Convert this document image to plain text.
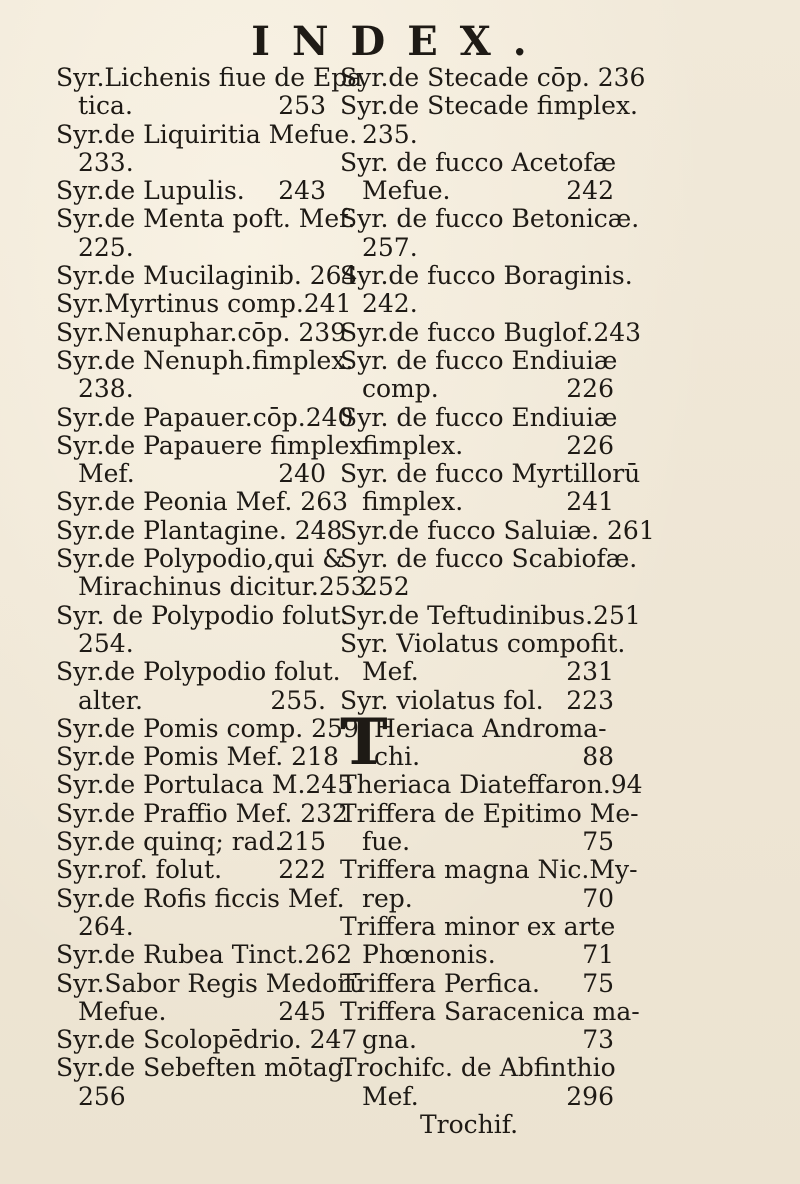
INDEX.
Syr.Lichenis fiue de Epa
tica.	253
Syr.de Liquiritia Mefue.
233.
Syr.de Lupulis. 243
Syr.de Menta poft. Mef.
225.
Syr.de Mucilaginib. 264
Syr.Myrtinus comp.241
Syr.Nenuphar.cōp. 239
Syr.de Nenuph.fimplex.
238.
Syr.de Papauer.cōp.240
Syr.de Papauere fimplex
Mef.	240
Syr.de Peonia Mef. 263
Syr.de Plantagine. 248
Syr.de Polypodio,qui &
Mirachinus dicitur.253
Syr. de Polypodio folut.
254.
Syr.de Polypodio folut.
alter.	255.
Syr.de Pomis comp. 259
Syr.de Pomis Mef. 218
Syr.de Portulaca M.245
Syr.de Praffio Mef. 232
Syr.de quinq; rad.
215
Syr.rof. folut. 222
Syr.de Rofis ficcis Mef.
264.
Syr.de Rubea Tinct.262
Syr.Sabor Regis Medorū
Mefue.	245
Syr.de Scolopēdrio. 247
Syr.de Sebeften mōtag.
256
Syr.de Stecade cōp. 236
Syr.de Stecade fimplex.
235.
Syr. de fucco Acetofæ
Mefue.	242
Syr. de fucco Betonicæ.
257.
Syr.de fucco Boraginis.
242.
Syr.de fucco Buglof.243
Syr. de fucco Endiuiæ
comp.	226
Syr. de fucco Endiuiæ
fimplex.	226
Syr. de fucco Myrtillorū
fimplex.	241
Syr.de fucco Saluiæ. 261
Syr. de fucco Scabiofæ.
252
Syr.de Teftudinibus.251
Syr. Violatus compofit.
Mef.	231
Syr. violatus fol. 223
T
Heriaca Androma-
chi.	88
Theriaca Diateffaron.94
Triffera de Epitimo Me-
fue.	75
Triffera magna Nic.My-
rep.	70
Triffera minor ex arte
Phœnonis.	71
Triffera Perfica. 75
Triffera Saracenica ma-
gna.	73
Trochifc. de Abfinthio
Mef.	296
Trochif.
